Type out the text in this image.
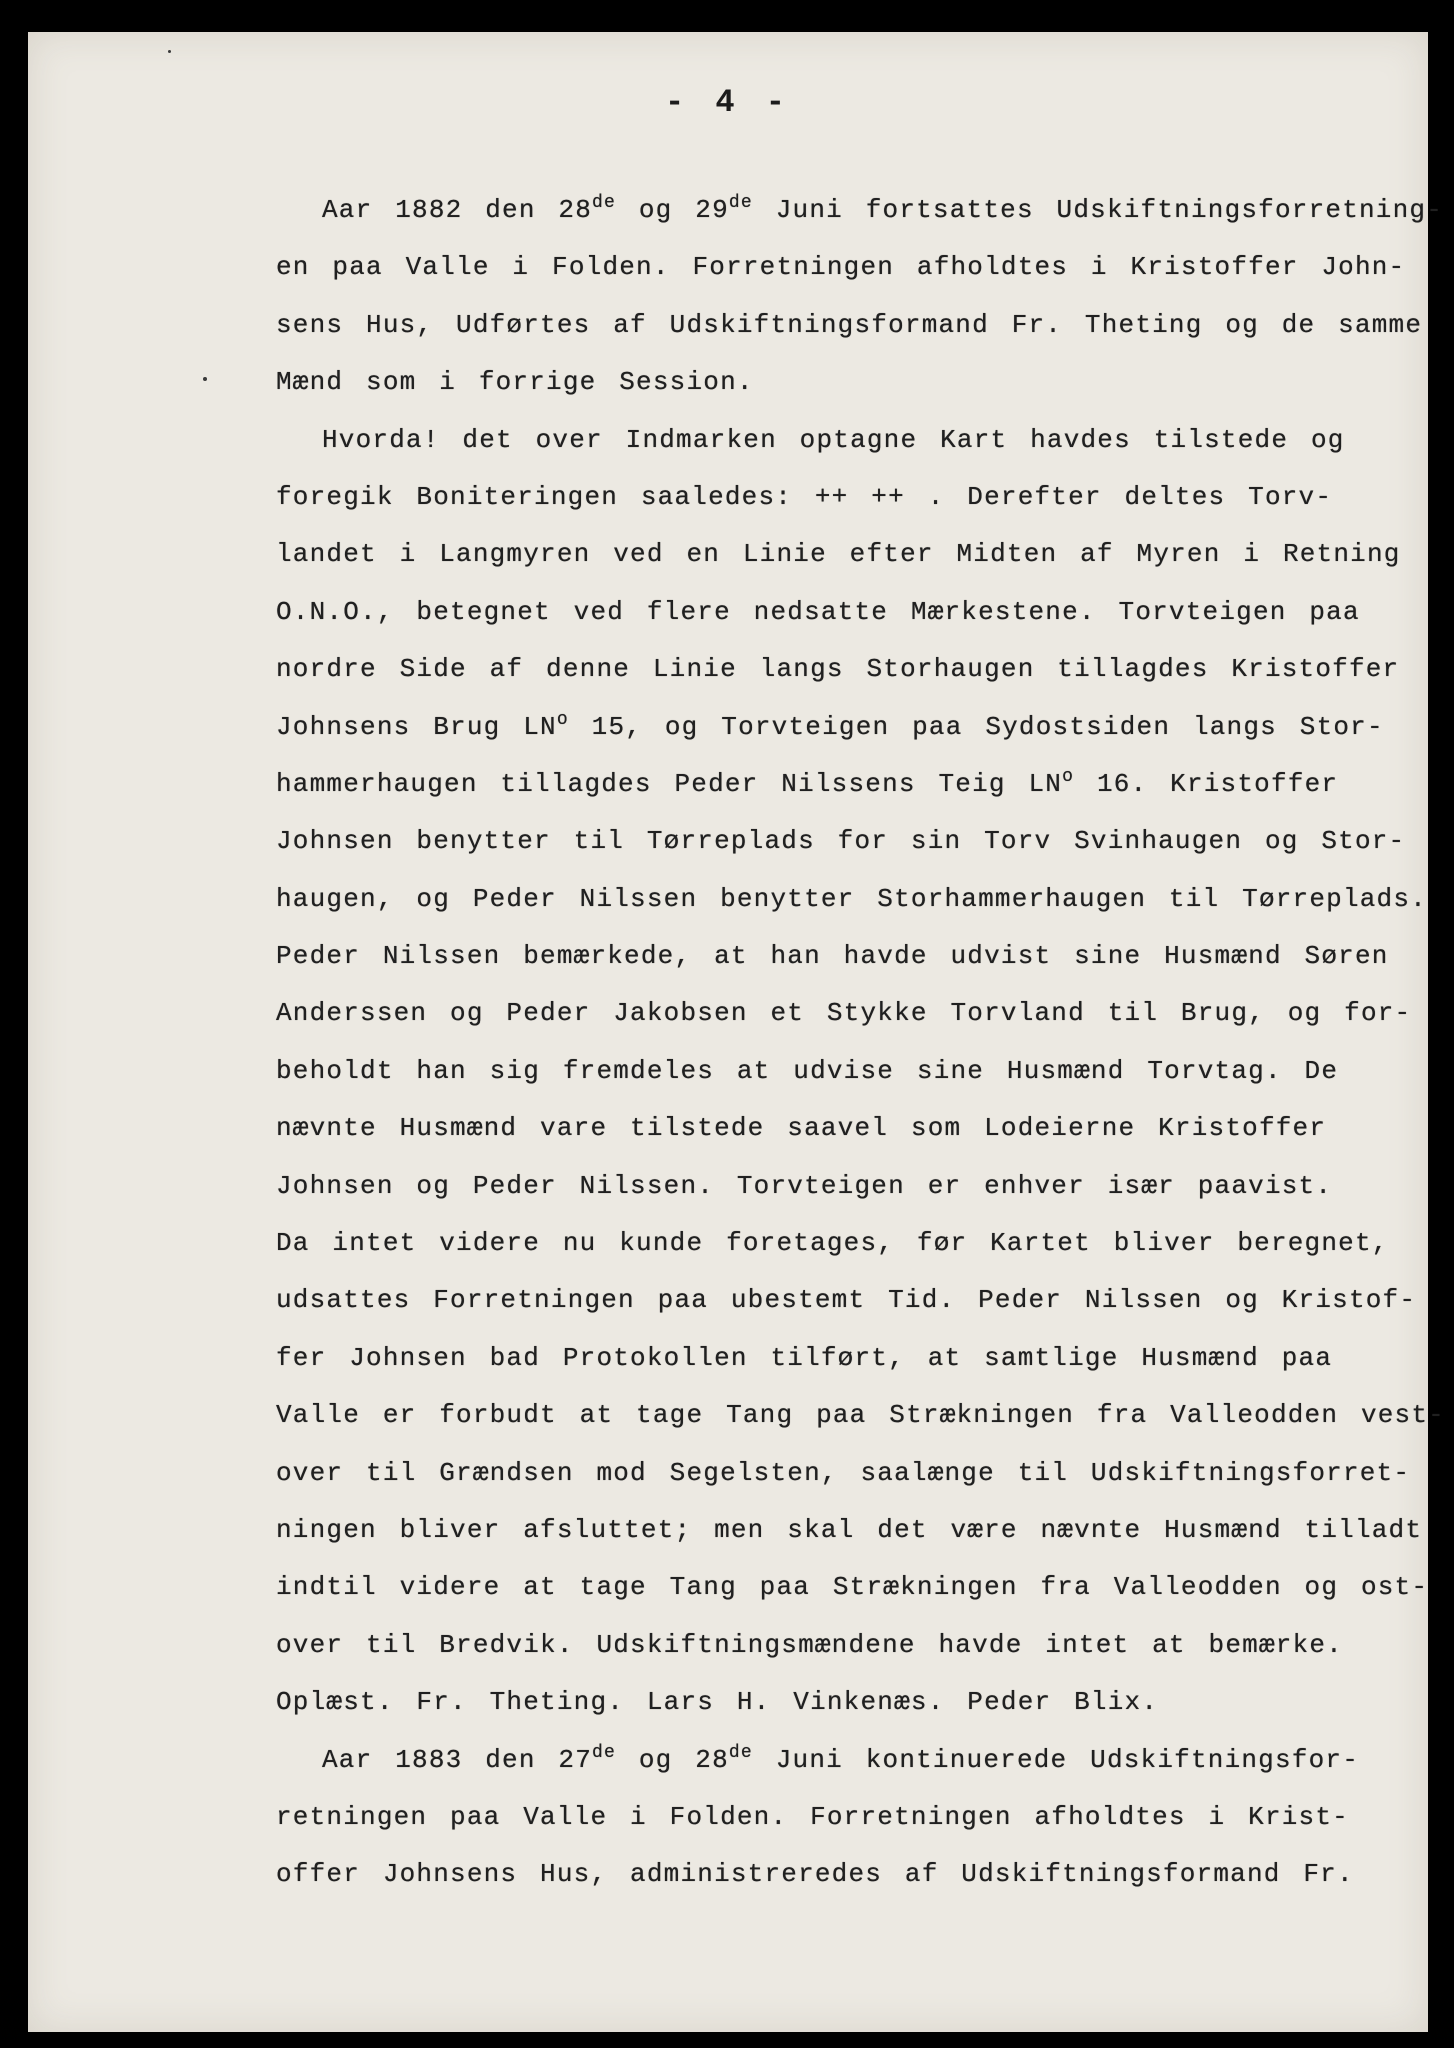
- 4 -
Aar 1882 den 28de og 29de Juni fortsattes Udskiftningsforretning-
en paa Valle i Folden. Forretningen afholdtes i Kristoffer John-
sens Hus, Udførtes af Udskiftningsformand Fr. Theting og de samme
Mænd som i forrige Session.
Hvorda! det over Indmarken optagne Kart havdes tilstede og
foregik Boniteringen saaledes: ++ ++ . Derefter deltes Torv-
landet i Langmyren ved en Linie efter Midten af Myren i Retning
O.N.O., betegnet ved flere nedsatte Mærkestene. Torvteigen paa
nordre Side af denne Linie langs Storhaugen tillagdes Kristoffer
Johnsens Brug $LN^o$ 15, og Torvteigen paa Sydostsiden langs Stor-
hammerhaugen tillagdes Peder Nilssens Teig $LN^o$ 16. Kristoffer
Johnsen benytter til Tørreplads for sin Torv Svinhaugen og Stor-
haugen, og Peder Nilssen benytter Storhammerhaugen til Tørreplads.
Peder Nilssen bemærkede, at han havde udvist sine Husmænd Søren
Anderssen og Peder Jakobsen et Stykke Torvland til Brug, og for-
beholdt han sig fremdeles at udvise sine Husmænd Torvtag. De
nævnte Husmænd vare tilstede saavel som Lodeierne Kristoffer
Johnsen og Peder Nilssen. Torvteigen er enhver især paavist.
Da intet videre nu kunde foretages, før Kartet bliver beregnet,
udsattes Forretningen paa ubestemt Tid. Peder Nilssen og Kristof-
fer Johnsen bad Protokollen tilført, at samtlige Husmænd paa
Valle er forbudt at tage Tang paa Strækningen fra Valleodden vest-
over til Grændsen mod Segelsten, saalænge til Udskiftningsforret-
ningen bliver afsluttet; men skal det være nævnte Husmænd tilladt
indtil videre at tage Tang paa Strækningen fra Valleodden og ost-
over til Bredvik. Udskiftningsmændene havde intet at bemærke.
Oplæst. Fr. Theting. Lars H. Vinkenæs. Peder Blix.
Aar 1883 den 27de og 28de Juni kontinuerede Udskiftningsfor-
retningen paa Valle i Folden. Forretningen afholdtes i Krist-
offer Johnsens Hus, administreredes af Udskiftningsformand Fr.
